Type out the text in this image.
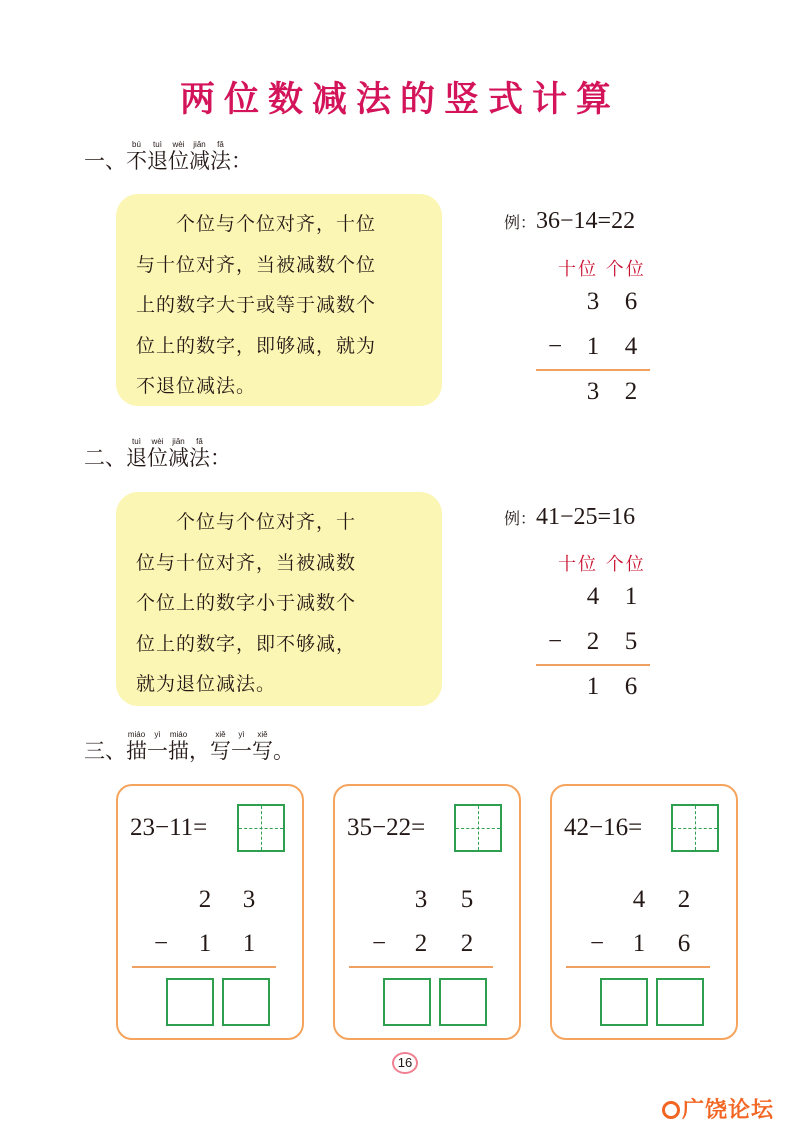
两位数减法的竖式计算
一、不bú退tuì位wèi减jiǎn法fǎ：
　　个位与个位对齐，十位
与十位对齐，当被减数个位
上的数字大于或等于减数个
位上的数字，即够减，就为
不退位减法。
例：36−14=22
十位 个位
3	6
− 1	4
3	2
二、退tuì位wèi减jiǎn法fǎ：
　　个位与个位对齐，十
位与十位对齐，当被减数
个位上的数字小于减数个
位上的数字，即不够减，
就为退位减法。
例：41−25=16
十位 个位
4	1
− 2	5
1	6
三、描miáo一yì描miáo，写xiě一yì写xiě。
23−11=
2	3
−	1	1
35−22=
3	5
−	2	2
42−16=
4	2
−	1	6
16
广饶论坛
